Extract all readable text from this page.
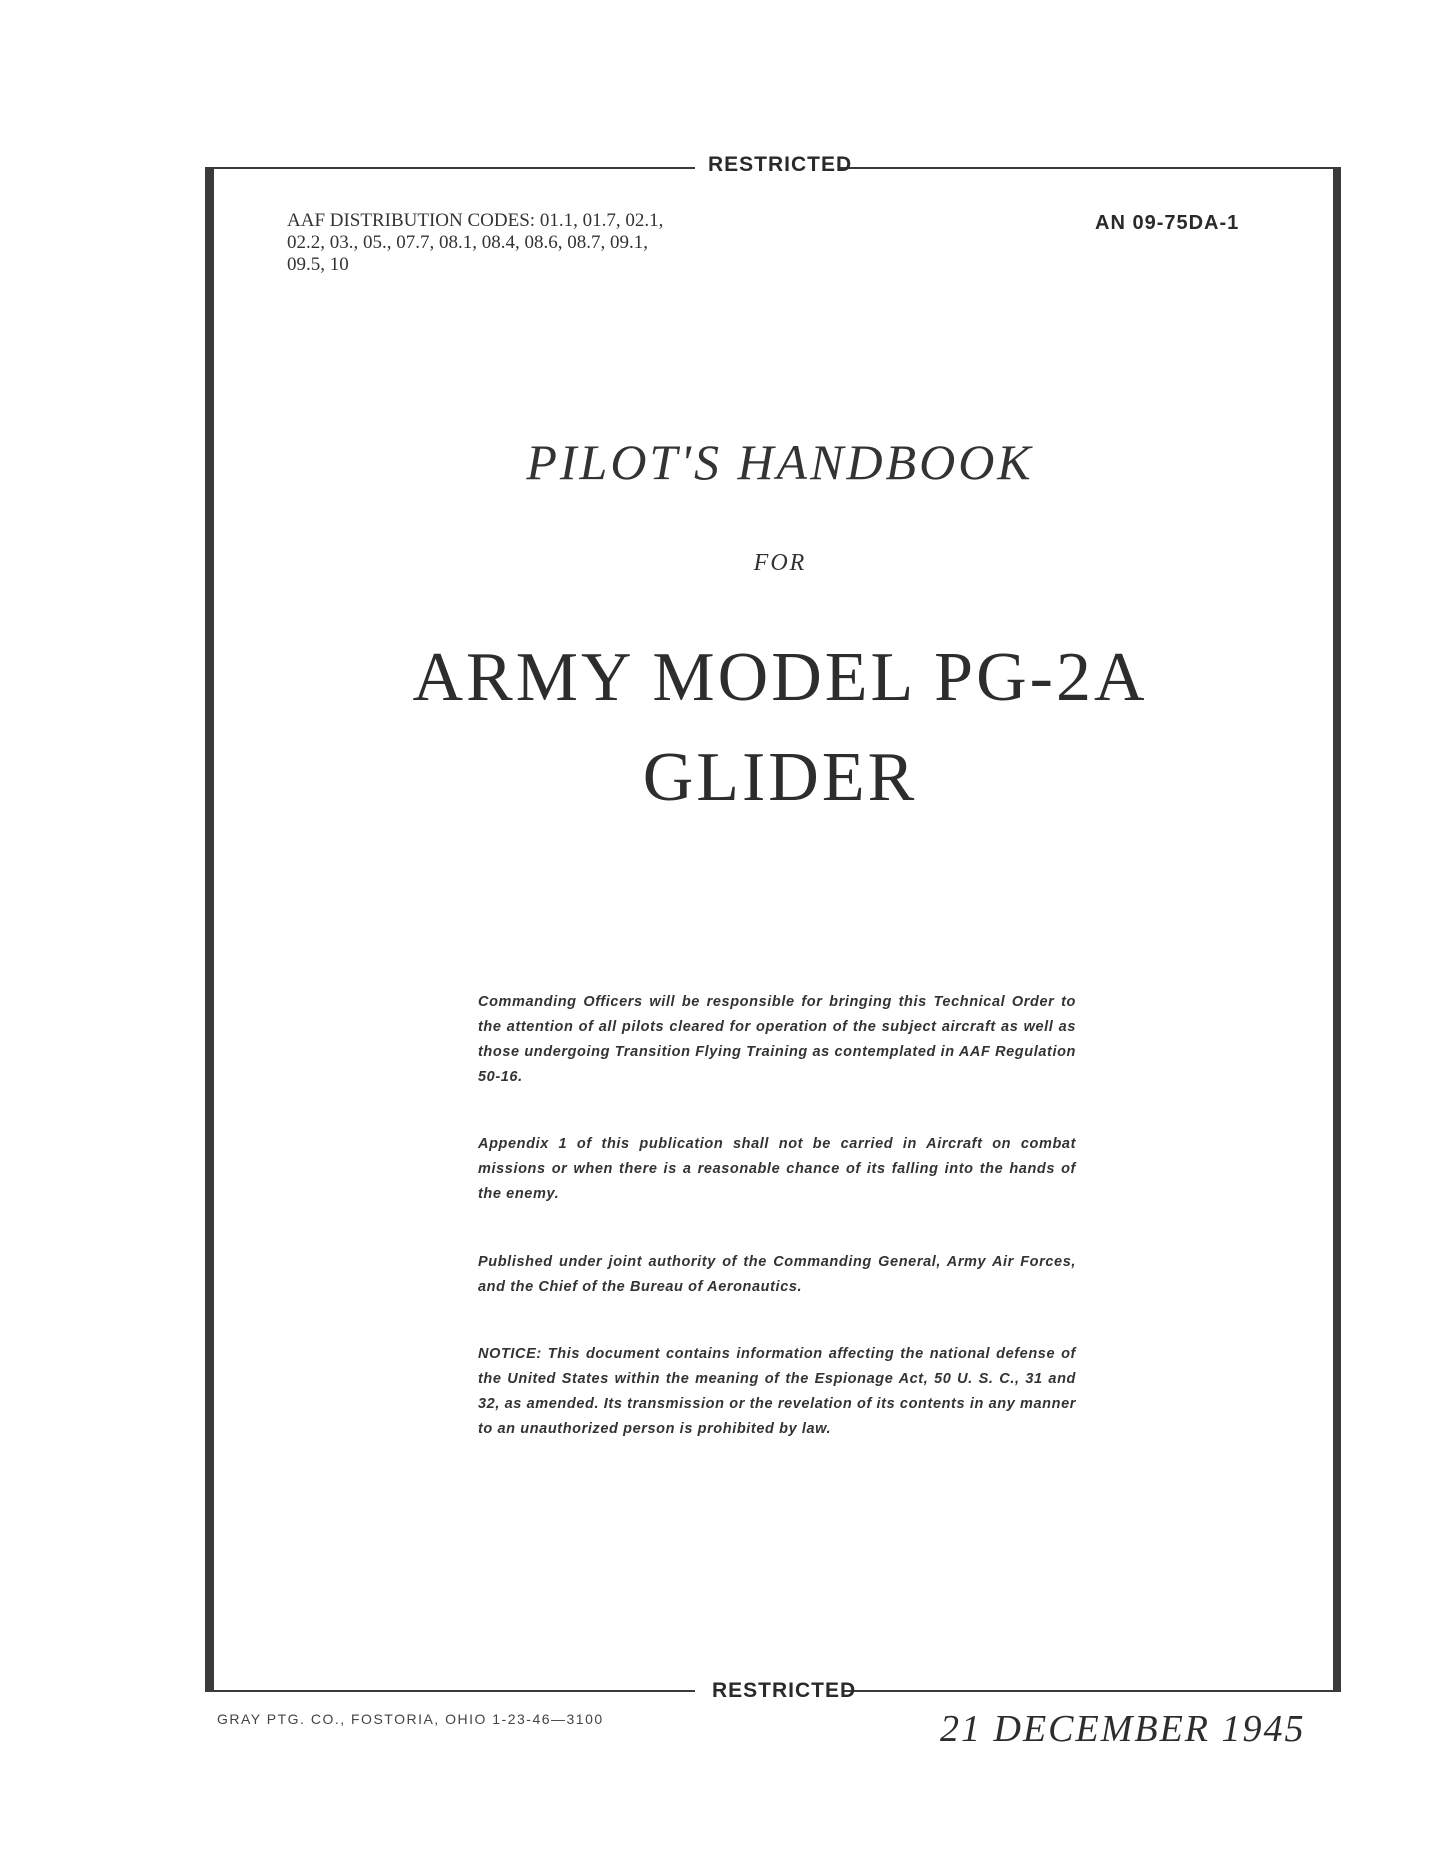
RESTRICTED
AAF DISTRIBUTION CODES: 01.1, 01.7, 02.1, 02.2, 03., 05., 07.7, 08.1, 08.4, 08.6, 08.7, 09.1, 09.5, 10
AN 09-75DA-1
PILOT'S HANDBOOK
FOR
ARMY MODEL PG-2A
GLIDER

Commanding Officers will be responsible for bringing this Technical Order to the attention of all pilots cleared for operation of the subject aircraft as well as those undergoing Transition Flying Training as contemplated in AAF Regulation 50-16.

Appendix 1 of this publication shall not be carried in Aircraft on combat missions or when there is a reasonable chance of its falling into the hands of the enemy.

Published under joint authority of the Commanding General, Army Air Forces, and the Chief of the Bureau of Aeronautics.

NOTICE: This document contains information affecting the national defense of the United States within the meaning of the Espionage Act, 50 U. S. C., 31 and 32, as amended. Its transmission or the revelation of its contents in any manner to an unauthorized person is prohibited by law.

RESTRICTED
GRAY PTG. CO., FOSTORIA, OHIO 1-23-46—3100	21 DECEMBER 1945
